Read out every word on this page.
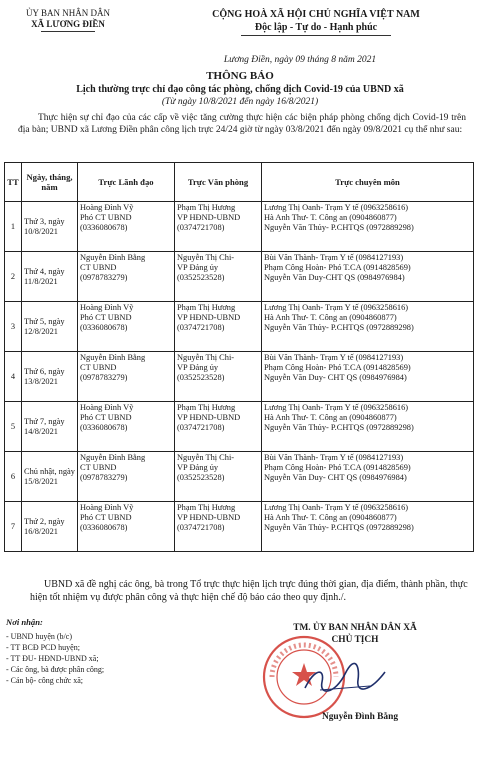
ỦY BAN NHÂN DÂN
XÃ LƯƠNG ĐIỀN
CỘNG HOÀ XÃ HỘI CHỦ NGHĨA VIỆT NAM
Độc lập - Tự do - Hạnh phúc
Lương Điền, ngày 09 tháng 8 năm 2021
THÔNG BÁO
Lịch thường trực chỉ đạo công tác phòng, chống dịch Covid-19 của UBND xã
(Từ ngày 10/8/2021 đến ngày 16/8/2021)
Thực hiện sự chỉ đạo của các cấp về việc tăng cường thực hiện các biện pháp phòng chống dịch Covid-19 trên địa bàn; UBND xã Lương Điền phân công lịch trực 24/24 giờ từ ngày 03/8/2021 đến ngày 09/8/2021 cụ thể như sau:
TT	Ngày, tháng, năm	Trực Lãnh đạo	Trực Văn phòng	Trực chuyên môn
1	Thứ 3, ngày 10/8/2021	Hoàng Đình Vỹ
Phó CT UBND
(0336080678)	Phạm Thị Hương
VP HĐND-UBND
(0374721708)	Lương Thị Oanh- Trạm Y tế (0963258616)
Hà Anh Thư- T. Công an (0904860877)
Nguyễn Văn Thủy- P.CHTQS (0972889298)

2	Thứ 4, ngày 11/8/2021	Nguyễn Đình Bằng
CT UBND
(0978783279)	Nguyễn Thị Chi-
VP Đảng ủy
(0352523528)	Bùi Văn Thành- Trạm Y tế (0984127193)
Phạm Công Hoàn- Phó T.CA (0914828569)
Nguyễn Văn Duy-CHT QS (0984976984)

3	Thứ 5, ngày 12/8/2021	Hoàng Đình Vỹ
Phó CT UBND
(0336080678)	Phạm Thị Hương
VP HĐND-UBND
(0374721708)	Lương Thị Oanh- Trạm Y tế (0963258616)
Hà Anh Thư- T. Công an (0904860877)
Nguyễn Văn Thủy- P.CHTQS (0972889298)

4	Thứ 6, ngày 13/8/2021	Nguyễn Đình Bằng
CT UBND
(0978783279)	Nguyễn Thị Chi-
VP Đảng ủy
(0352523528)	Bùi Văn Thành- Trạm Y tế (0984127193)
Phạm Công Hoàn- Phó T.CA (0914828569)
Nguyễn Văn Duy- CHT QS (0984976984)

5	Thứ 7, ngày 14/8/2021	Hoàng Đình Vỹ
Phó CT UBND
(0336080678)	Phạm Thị Hương
VP HĐND-UBND
(0374721708)	Lương Thị Oanh- Trạm Y tế (0963258616)
Hà Anh Thư- T. Công an (0904860877)
Nguyễn Văn Thủy- P.CHTQS (0972889298)

6	Chủ nhật, ngày 15/8/2021	Nguyễn Đình Bằng
CT UBND
(0978783279)	Nguyễn Thị Chi-
VP Đảng ủy
(0352523528)	Bùi Văn Thành- Trạm Y tế (0984127193)
Phạm Công Hoàn- Phó T.CA (0914828569)
Nguyễn Văn Duy- CHT QS (0984976984)

7	Thứ 2, ngày 16/8/2021	Hoàng Đình Vỹ
Phó CT UBND
(0336080678)	Phạm Thị Hương
VP HĐND-UBND
(0374721708)	Lương Thị Oanh- Trạm Y tế (0963258616)
Hà Anh Thư- T. Công an (0904860877)
Nguyễn Văn Thủy- P.CHTQS (0972889298)
UBND xã đề nghị các ông, bà trong Tổ trực thực hiện lịch trực đúng thời gian, địa điểm, thành phần, thực hiện tốt nhiệm vụ được phân công và thực hiện chế độ báo cáo theo quy định./.
Nơi nhận:
- UBND huyện (b/c)
- TT BCĐ PCD huyện;
- TT ĐU- HĐND-UBND xã;
- Các ông, bà được phân công;
- Cán bộ- công chức xã;
TM. ỦY BAN NHÂN DÂN XÃ
CHỦ TỊCH
Nguyễn Đình Bằng
